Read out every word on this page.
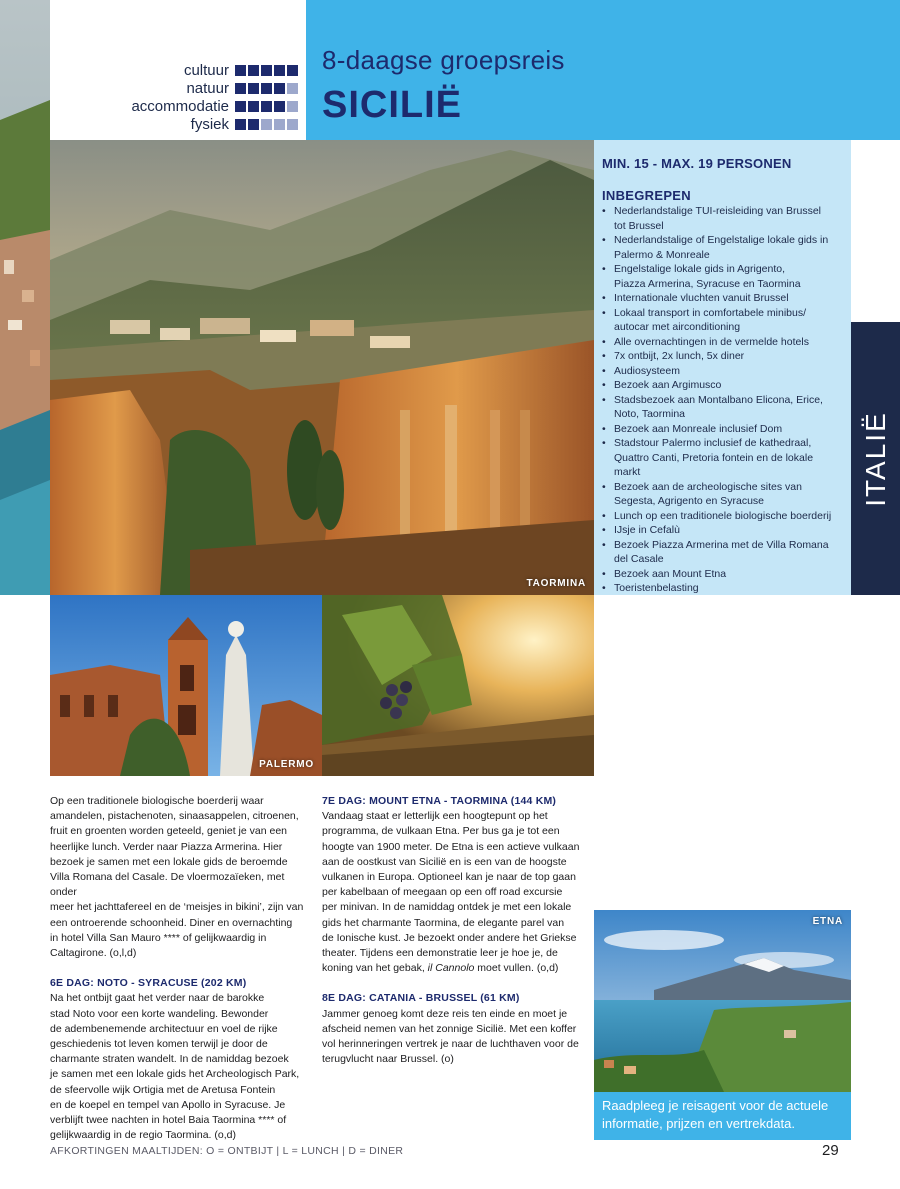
cultuur
natuur
accommodatie
fysiek
8-daagse groepsreis
SICILIË
TAORMINA
MIN. 15 - MAX. 19 PERSONEN
INBEGREPEN
• Nederlandstalige TUI-reisleiding van Brussel
tot Brussel
• Nederlandstalige of Engelstalige lokale gids in
Palermo & Monreale
• Engelstalige lokale gids in Agrigento,
Piazza Armerina, Syracuse en Taormina
• Internationale vluchten vanuit Brussel
• Lokaal transport in comfortabele minibus/
autocar met airconditioning
• Alle overnachtingen in de vermelde hotels
• 7x ontbijt, 2x lunch, 5x diner
• Audiosysteem
• Bezoek aan Argimusco
• Stadsbezoek aan Montalbano Elicona, Erice,
Noto, Taormina
• Bezoek aan Monreale inclusief Dom
• Stadstour Palermo inclusief de kathedraal,
Quattro Canti, Pretoria fontein en de lokale
markt
• Bezoek aan de archeologische sites van
Segesta, Agrigento en Syracuse
• Lunch op een traditionele biologische boerderij
• IJsje in Cefalù
• Bezoek Piazza Armerina met de Villa Romana
del Casale
• Bezoek aan Mount Etna
• Toeristenbelasting
ITALIË
PALERMO

Op een traditionele biologische boerderij waar

amandelen, pistachenoten, sinaasappelen, citroenen,

fruit en groenten worden geteeld, geniet je van een

heerlijke lunch. Verder naar Piazza Armerina. Hier

bezoek je samen met een lokale gids de beroemde

Villa Romana del Casale. De vloermozaïeken, met onder

meer het jachttafereel en de ‘meisjes in bikini’, zijn van

een ontroerende schoonheid. Diner en overnachting

in hotel Villa San Mauro **** of gelijkwaardig in

Caltagirone. (o,l,d)

6E DAG: NOTO - SYRACUSE (202 KM)

Na het ontbijt gaat het verder naar de barokke

stad Noto voor een korte wandeling. Bewonder

de adembenemende architectuur en voel de rijke

geschiedenis tot leven komen terwijl je door de

charmante straten wandelt. In de namiddag bezoek

je samen met een lokale gids het Archeologisch Park,

de sfeervolle wijk Ortigia met de Aretusa Fontein

en de koepel en tempel van Apollo in Syracuse. Je

verblijft twee nachten in hotel Baia Taormina **** of

gelijkwaardig in de regio Taormina. (o,d)

7E DAG: MOUNT ETNA - TAORMINA (144 KM)

Vandaag staat er letterlijk een hoogtepunt op het

programma, de vulkaan Etna. Per bus ga je tot een

hoogte van 1900 meter. De Etna is een actieve vulkaan

aan de oostkust van Sicilië en is een van de hoogste

vulkanen in Europa. Optioneel kan je naar de top gaan

per kabelbaan of meegaan op een off road excursie

per minivan. In de namiddag ontdek je met een lokale

gids het charmante Taormina, de elegante parel van

de Ionische kust. Je bezoekt onder andere het Griekse

theater. Tijdens een demonstratie leer je hoe je, de

koning van het gebak, il Cannolo moet vullen. (o,d)

8E DAG: CATANIA - BRUSSEL (61 KM)

Jammer genoeg komt deze reis ten einde en moet je

afscheid nemen van het zonnige Sicilië. Met een koffer

vol herinneringen vertrek je naar de luchthaven voor de

terugvlucht naar Brussel. (o)

ETNA
Raadpleeg je reisagent voor de actuele
informatie, prijzen en vertrekdata.
AFKORTINGEN MAALTIJDEN: O = ONTBIJT | L = LUNCH | D = DINER	29
